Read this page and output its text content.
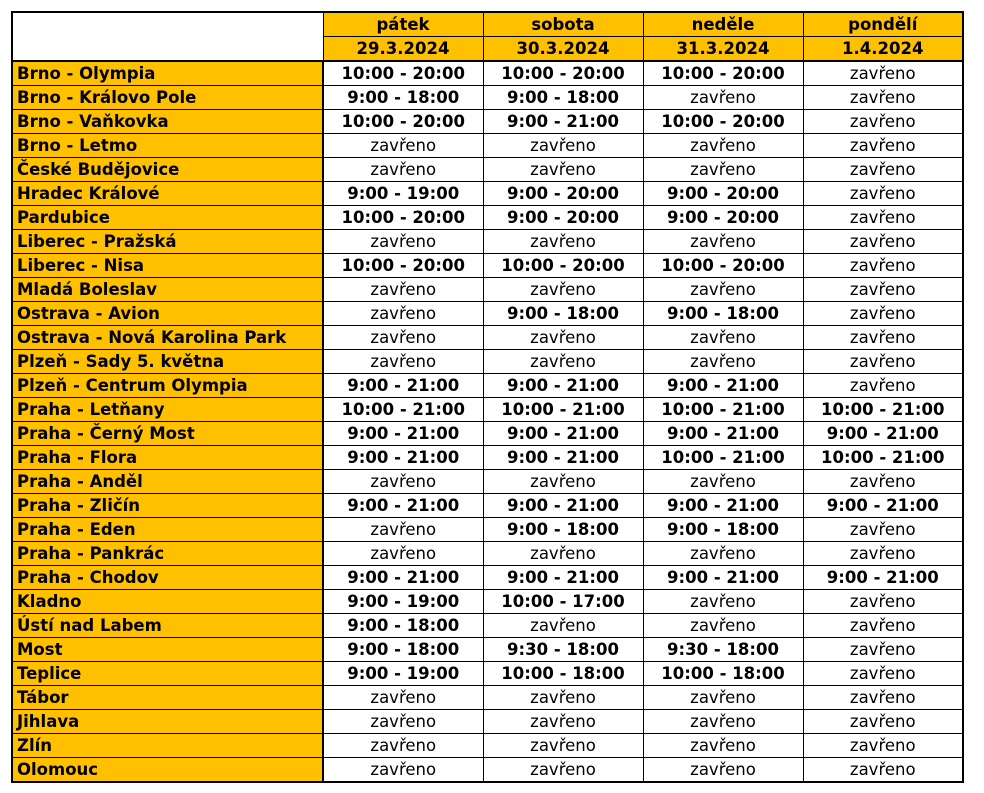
	pátek	sobota	neděle	pondělí
	29.3.2024	30.3.2024	31.3.2024	1.4.2024
Brno - Olympia	10:00 - 20:00	10:00 - 20:00	10:00 - 20:00	zavřeno
Brno - Královo Pole	9:00 - 18:00	9:00 - 18:00	zavřeno	zavřeno
Brno - Vaňkovka	10:00 - 20:00	9:00 - 21:00	10:00 - 20:00	zavřeno
Brno - Letmo	zavřeno	zavřeno	zavřeno	zavřeno
České Budějovice	zavřeno	zavřeno	zavřeno	zavřeno
Hradec Králové	9:00 - 19:00	9:00 - 20:00	9:00 - 20:00	zavřeno
Pardubice	10:00 - 20:00	9:00 - 20:00	9:00 - 20:00	zavřeno
Liberec - Pražská	zavřeno	zavřeno	zavřeno	zavřeno
Liberec - Nisa	10:00 - 20:00	10:00 - 20:00	10:00 - 20:00	zavřeno
Mladá Boleslav	zavřeno	zavřeno	zavřeno	zavřeno
Ostrava - Avion	zavřeno	9:00 - 18:00	9:00 - 18:00	zavřeno
Ostrava - Nová Karolina Park	zavřeno	zavřeno	zavřeno	zavřeno
Plzeň - Sady 5. května	zavřeno	zavřeno	zavřeno	zavřeno
Plzeň - Centrum Olympia	9:00 - 21:00	9:00 - 21:00	9:00 - 21:00	zavřeno
Praha - Letňany	10:00 - 21:00	10:00 - 21:00	10:00 - 21:00	10:00 - 21:00
Praha - Černý Most	9:00 - 21:00	9:00 - 21:00	9:00 - 21:00	9:00 - 21:00
Praha - Flora	9:00 - 21:00	9:00 - 21:00	10:00 - 21:00	10:00 - 21:00
Praha - Anděl	zavřeno	zavřeno	zavřeno	zavřeno
Praha - Zličín	9:00 - 21:00	9:00 - 21:00	9:00 - 21:00	9:00 - 21:00
Praha - Eden	zavřeno	9:00 - 18:00	9:00 - 18:00	zavřeno
Praha - Pankrác	zavřeno	zavřeno	zavřeno	zavřeno
Praha - Chodov	9:00 - 21:00	9:00 - 21:00	9:00 - 21:00	9:00 - 21:00
Kladno	9:00 - 19:00	10:00 - 17:00	zavřeno	zavřeno
Ústí nad Labem	9:00 - 18:00	zavřeno	zavřeno	zavřeno
Most	9:00 - 18:00	9:30 - 18:00	9:30 - 18:00	zavřeno
Teplice	9:00 - 19:00	10:00 - 18:00	10:00 - 18:00	zavřeno
Tábor	zavřeno	zavřeno	zavřeno	zavřeno
Jihlava	zavřeno	zavřeno	zavřeno	zavřeno
Zlín	zavřeno	zavřeno	zavřeno	zavřeno
Olomouc	zavřeno	zavřeno	zavřeno	zavřeno
